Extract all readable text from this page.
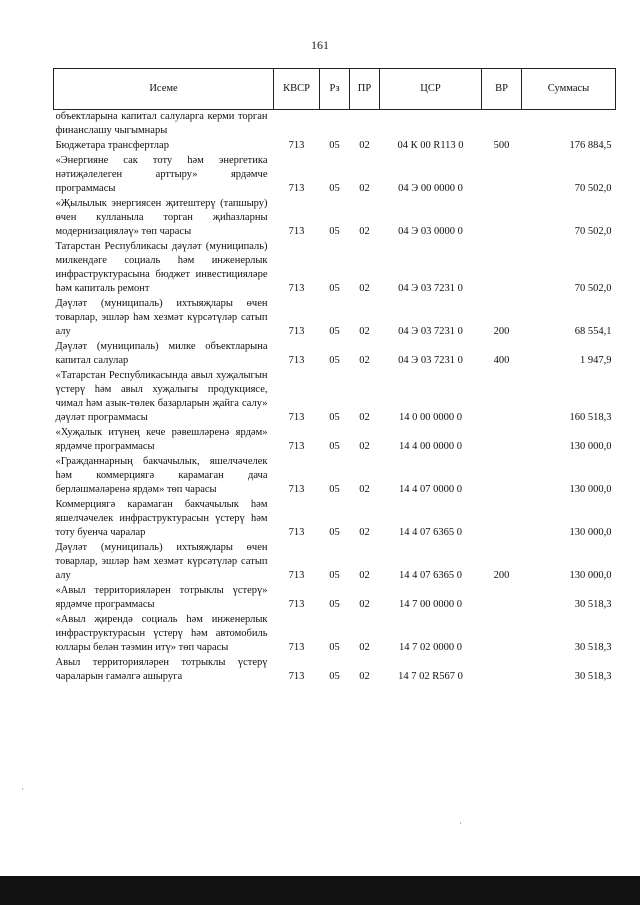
161
Исеме	КВСР	Рз	ПР	ЦСР	ВР	Суммасы
объектларына капитал салуларга керми торган финанслашу чыгымнары						
Бюджетара трансфертлар	713	05	02	04 К 00 R113 0	500	176 884,5
«Энергияне сак тоту һәм энергетика нәтиҗәлелеген арттыру» ярдәмче программасы	713	05	02	04 Э 00 0000 0		70 502,0
«Җылылык энергиясен җитештерү (тапшыру) өчен кулланыла торган җиһазларны модернизацияләү» төп чарасы	713	05	02	04 Э 03 0000 0		70 502,0
Татарстан Республикасы дәүләт (муниципаль) милкендәге социаль һәм инженерлык инфраструктурасына бюджет инвестицияләре һәм капиталь ремонт	713	05	02	04 Э 03 7231 0		70 502,0
Дәүләт (муниципаль) ихтыяҗлары өчен товарлар, эшләр һәм хезмәт күрсәтүләр сатып алу	713	05	02	04 Э 03 7231 0	200	68 554,1
Дәүләт (муниципаль) милке объектларына капитал салулар	713	05	02	04 Э 03 7231 0	400	1 947,9
«Татарстан Республикасында авыл хуҗалыгын үстерү һәм авыл хуҗалыгы продукциясе, чимал һәм азык-төлек базарларын җайга салу» дәүләт программасы	713	05	02	14 0 00 0000 0		160 518,3
«Хуҗалык итүнең кече рәвешләренә ярдәм» ярдәмче программасы	713	05	02	14 4 00 0000 0		130 000,0
«Гражданнарның бакчачылык, яшелчәчелек һәм коммерциягә карамаган дача берләшмәләренә ярдәм» төп чарасы	713	05	02	14 4 07 0000 0		130 000,0
Коммерциягә карамаган бакчачылык һәм яшелчәчелек инфраструктурасын үстерү һәм тоту буенча чаралар	713	05	02	14 4 07 6365 0		130 000,0
Дәүләт (муниципаль) ихтыяҗлары өчен товарлар, эшләр һәм хезмәт күрсәтүләр сатып алу	713	05	02	14 4 07 6365 0	200	130 000,0
«Авыл территорияләрен тотрыклы үстерү» ярдәмче программасы	713	05	02	14 7 00 0000 0		30 518,3
«Авыл җирендә социаль һәм инженерлык инфраструктурасын үстерү һәм автомобиль юллары белән тәэмин итү» төп чарасы	713	05	02	14 7 02 0000 0		30 518,3
Авыл территорияләрен тотрыклы үстерү чараларын гамәлгә ашыруга	713	05	02	14 7 02 R567 0		30 518,3
